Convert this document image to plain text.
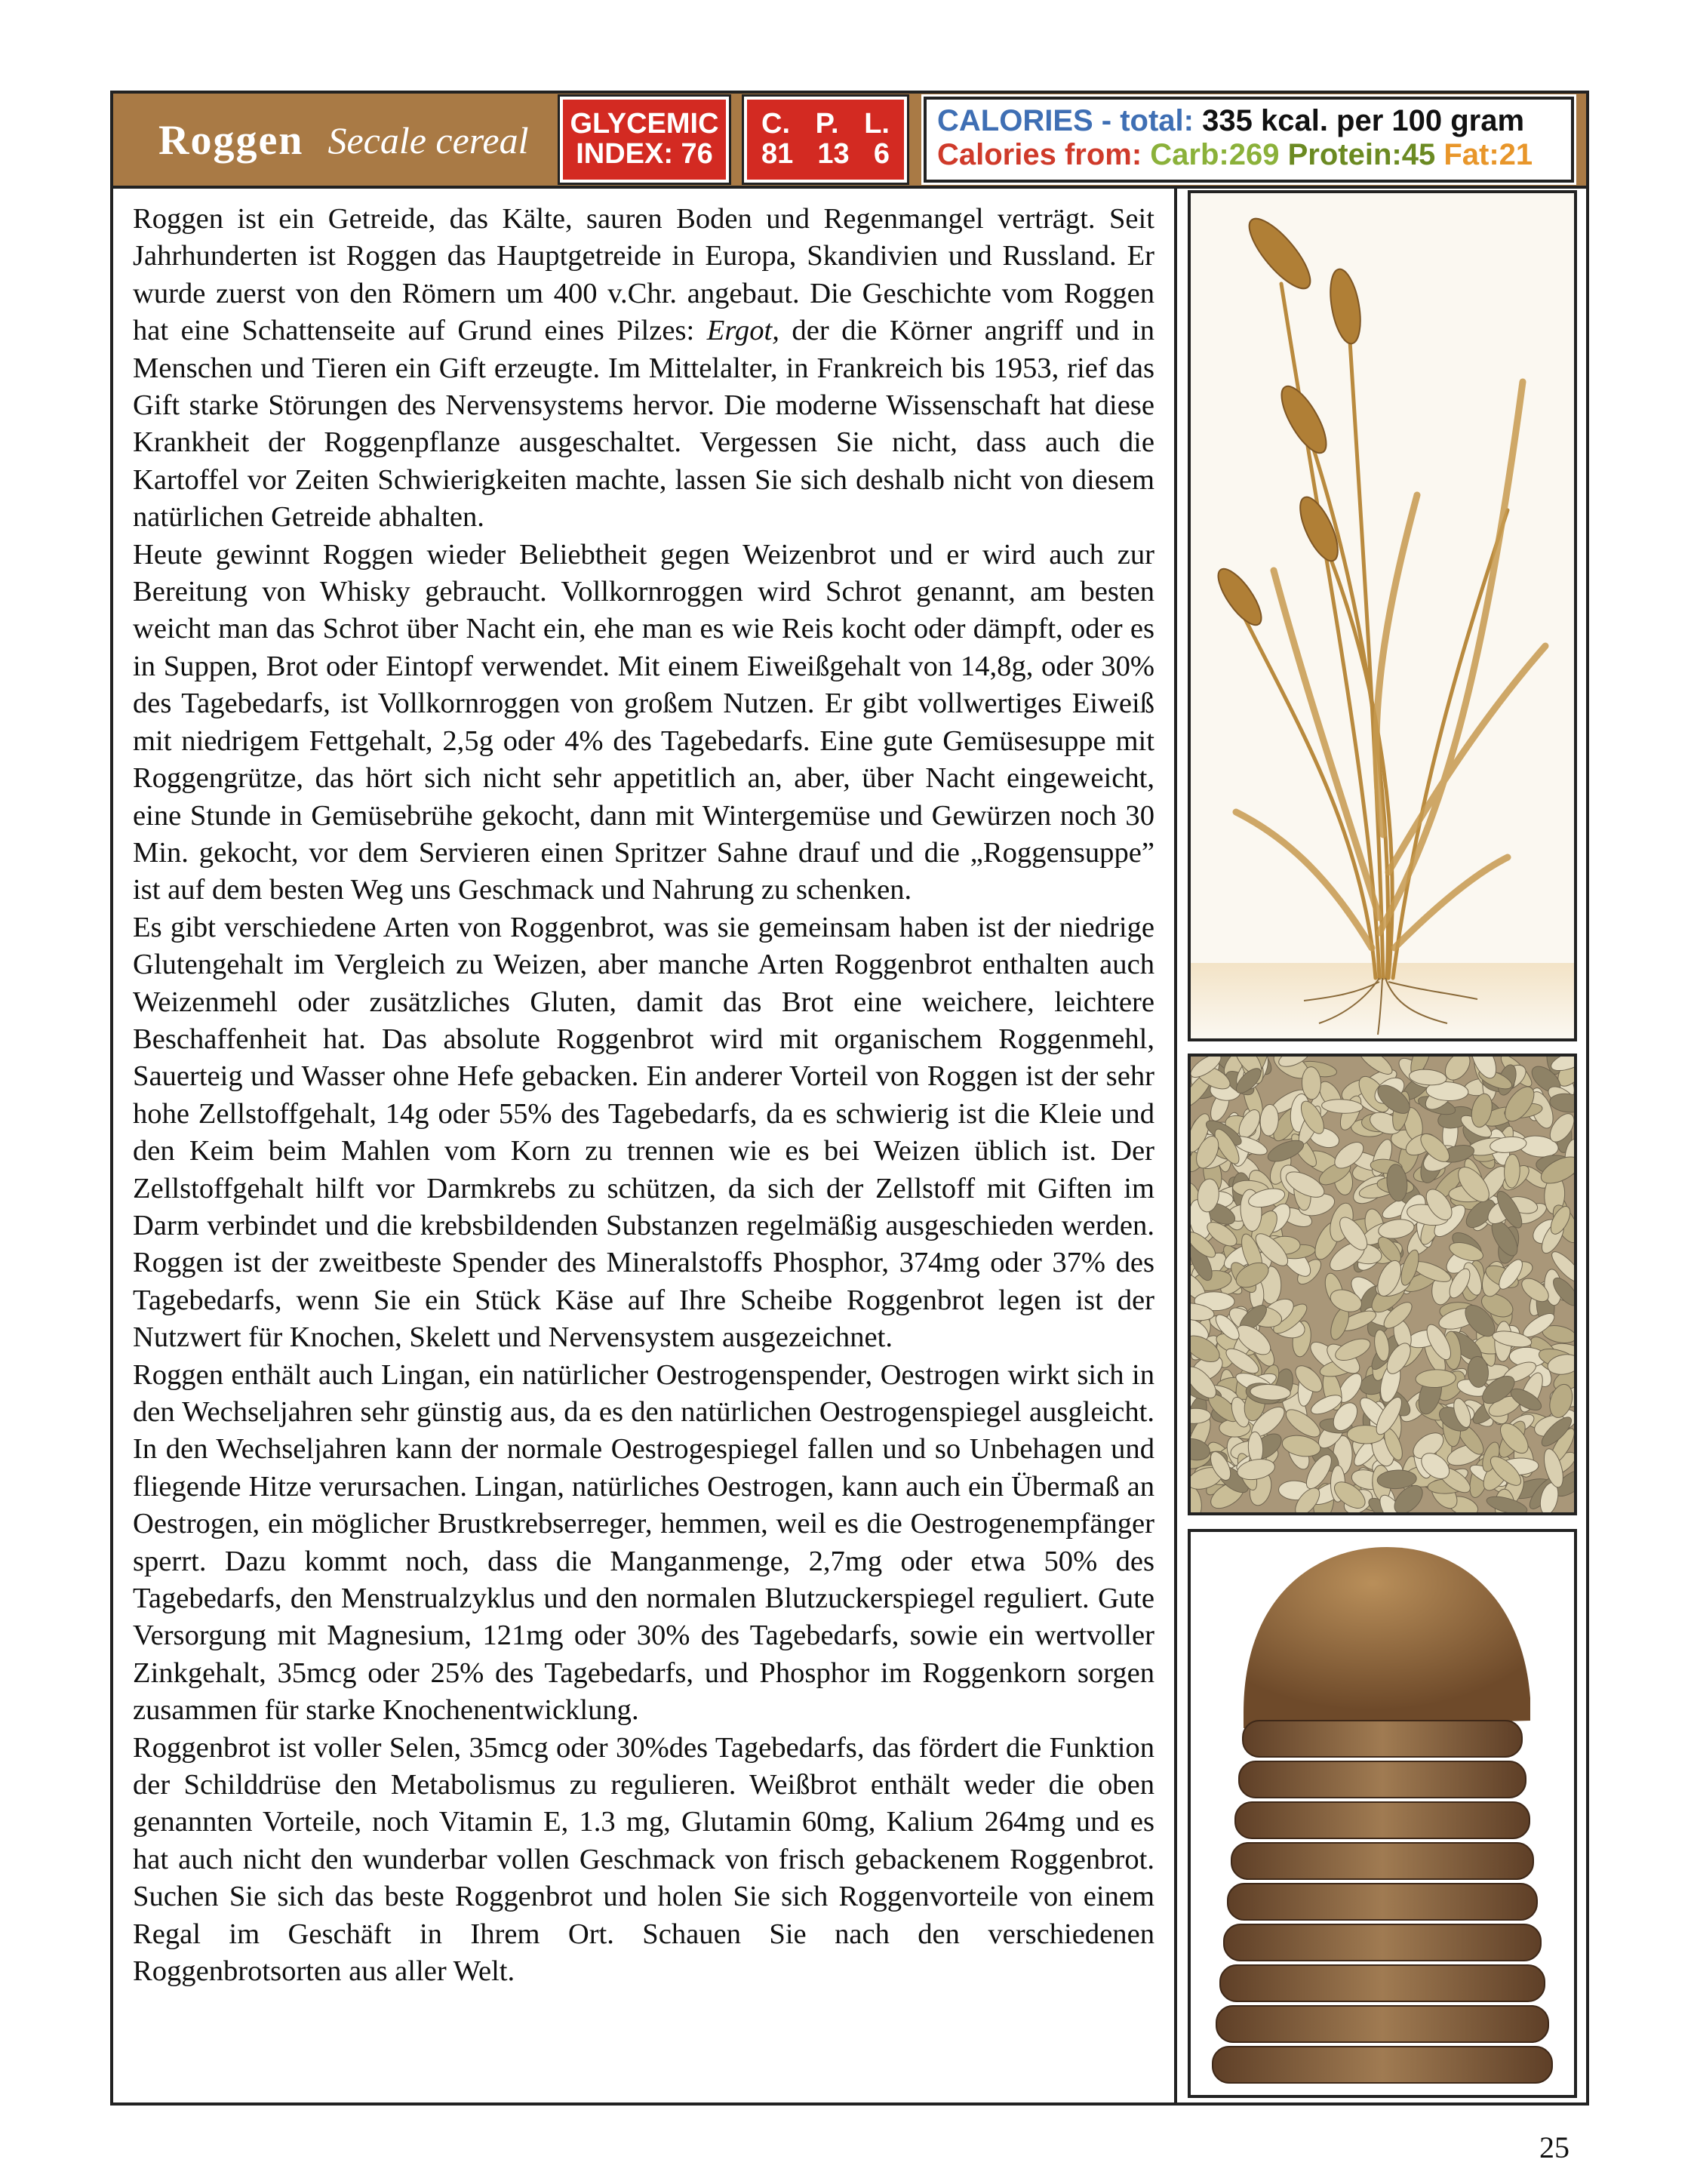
Roggen Secale cereal GLYCEMIC
INDEX: 76
C. P. L.
81 13 6
CALORIES - total: 335 kcal. per 100 gram
Calories from: Carb:269 Protein:45 Fat:21

Roggen ist ein Getreide, das Kälte, sauren Boden und Regenmangel verträgt. Seit Jahrhunderten ist Roggen das Hauptgetreide in Europa, Skandivien und Russland. Er wurde zuerst von den Römern um 400 v.Chr. angebaut. Die Geschichte vom Roggen hat eine Schattenseite auf Grund eines Pilzes: Ergot, der die Körner angriff und in Menschen und Tieren ein Gift erzeugte. Im Mittelalter, in Frankreich bis 1953, rief das Gift starke Störungen des Nervensystems hervor. Die moderne Wissenschaft hat diese Krankheit der Roggenpflanze ausgeschaltet. Vergessen Sie nicht, dass auch die Kartoffel vor Zeiten Schwierigkeiten machte, lassen Sie sich deshalb nicht von diesem natürlichen Getreide abhalten.

Heute gewinnt Roggen wieder Beliebtheit gegen Weizenbrot und er wird auch zur Bereitung von Whisky gebraucht. Vollkornroggen wird Schrot genannt, am besten weicht man das Schrot über Nacht ein, ehe man es wie Reis kocht oder dämpft, oder es in Suppen, Brot oder Eintopf verwendet. Mit einem Eiweißgehalt von 14,8g, oder 30% des Tagebedarfs, ist Vollkornroggen von großem Nutzen. Er gibt vollwertiges Eiweiß mit niedrigem Fettgehalt, 2,5g oder 4% des Tagebedarfs. Eine gute Gemüsesuppe mit Roggengrütze, das hört sich nicht sehr appetitlich an, aber, über Nacht eingeweicht, eine Stunde in Gemüsebrühe gekocht, dann mit Wintergemüse und Gewürzen noch 30 Min. gekocht, vor dem Servieren einen Spritzer Sahne drauf und die „Roggensuppe” ist auf dem besten Weg uns Geschmack und Nahrung zu schenken.

Es gibt verschiedene Arten von Roggenbrot, was sie gemeinsam haben ist der niedrige Glutengehalt im Vergleich zu Weizen, aber manche Arten Roggenbrot enthalten auch Weizenmehl oder zusätzliches Gluten, damit das Brot eine weichere, leichtere Beschaffenheit hat. Das absolute Roggenbrot wird mit organischem Roggenmehl, Sauerteig und Wasser ohne Hefe gebacken. Ein anderer Vorteil von Roggen ist der sehr hohe Zellstoffgehalt, 14g oder 55% des Tagebedarfs, da es schwierig ist die Kleie und den Keim beim Mahlen vom Korn zu trennen wie es bei Weizen üblich ist. Der Zellstoffgehalt hilft vor Darmkrebs zu schützen, da sich der Zellstoff mit Giften im Darm verbindet und die krebsbildenden Substanzen regelmäßig ausgeschieden werden. Roggen ist der zweitbeste Spender des Mineralstoffs Phosphor, 374mg oder 37% des Tagebedarfs, wenn Sie ein Stück Käse auf Ihre Scheibe Roggenbrot legen ist der Nutzwert für Knochen, Skelett und Nervensystem ausgezeichnet.

Roggen enthält auch Lingan, ein natürlicher Oestrogenspender, Oestrogen wirkt sich in den Wechseljahren sehr günstig aus, da es den natürlichen Oestrogenspiegel ausgleicht. In den Wechseljahren kann der normale Oestrogespiegel fallen und so Unbehagen und fliegende Hitze verursachen. Lingan, natürliches Oestrogen, kann auch ein Übermaß an Oestrogen, ein möglicher Brustkrebserreger, hemmen, weil es die Oestrogenempfänger sperrt. Dazu kommt noch, dass die Manganmenge, 2,7mg oder etwa 50% des Tagebedarfs, den Menstrualzyklus und den normalen Blutzuckerspiegel reguliert. Gute Versorgung mit Magnesium, 121mg oder 30% des Tagebedarfs, sowie ein wertvoller Zinkgehalt, 35mcg oder 25% des Tagebedarfs, und Phosphor im Roggenkorn sorgen zusammen für starke Knochenentwicklung.

Roggenbrot ist voller Selen, 35mcg oder 30%des Tagebedarfs, das fördert die Funktion der Schilddrüse den Metabolismus zu regulieren. Weißbrot enthält weder die oben genannten Vorteile, noch Vitamin E, 1.3 mg, Glutamin 60mg, Kalium 264mg und es hat auch nicht den wunderbar vollen Geschmack von frisch gebackenem Roggenbrot. Suchen Sie sich das beste Roggenbrot und holen Sie sich Roggenvorteile von einem Regal im Geschäft in Ihrem Ort. Schauen Sie nach den verschiedenen Roggenbrotsorten aus aller Welt.

25
